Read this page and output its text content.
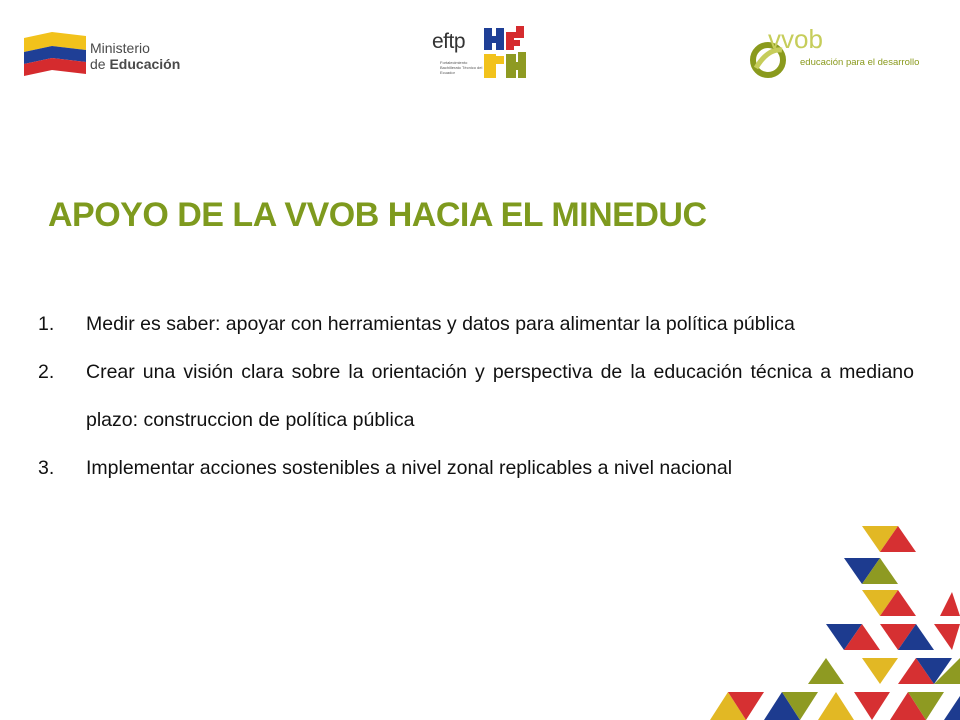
Ministerio
de Educación
eftp
Fortalecimiento Bachillerato Técnico del Ecuador
vvob
educación para el desarrollo
APOYO DE LA VVOB HACIA EL MINEDUC
1. Medir es saber: apoyar con herramientas y datos para alimentar la política pública
2. Crear una visión clara sobre la orientación y perspectiva de la educación técnica a mediano plazo: construccion de política pública
3. Implementar acciones sostenibles a nivel zonal replicables a nivel nacional
